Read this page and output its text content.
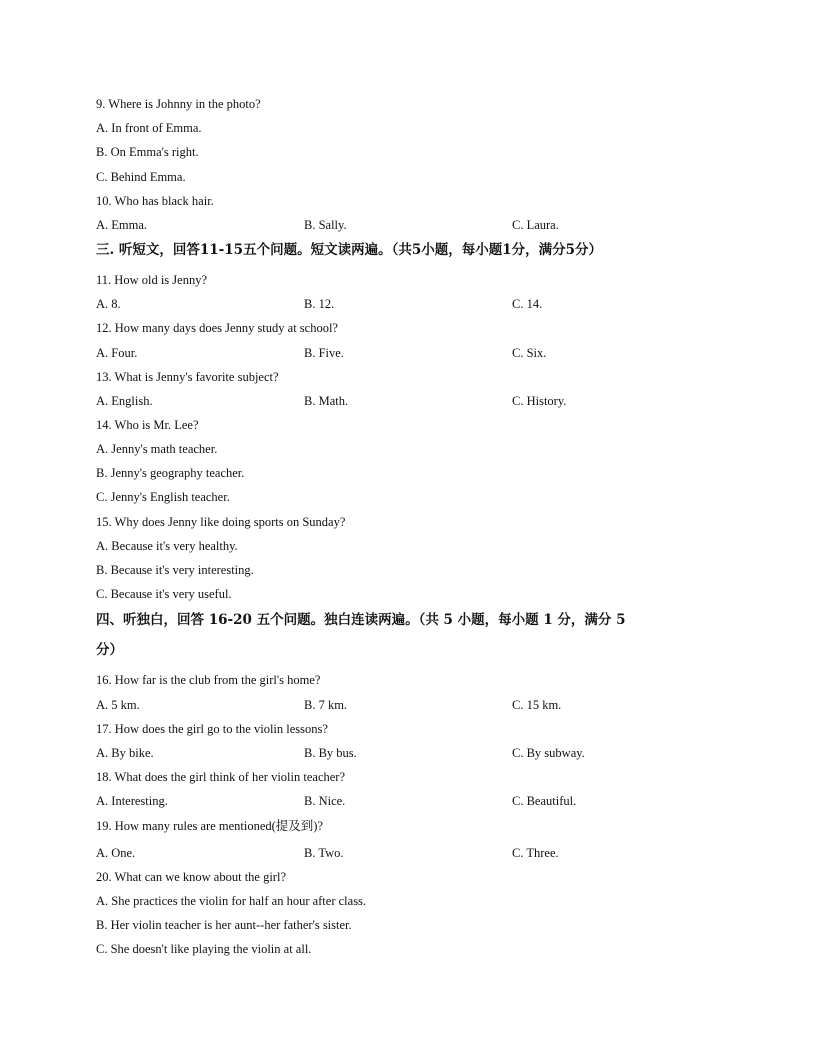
9. Where is Johnny in the photo?
A. In front of Emma.
B. On Emma's right.
C. Behind Emma.
10. Who has black hair.
A. Emma.	B. Sally.	C. Laura.
三. 听短文，回答11-15五个问题。短文读两遍。（共5小题，每小题1分，满分5分）
11. How old is Jenny?
A. 8.	B. 12.	C. 14.
12. How many days does Jenny study at school?
A. Four.	B. Five.	C. Six.
13. What is Jenny's favorite subject?
A. English.	B. Math.	C. History.
14. Who is Mr. Lee?
A. Jenny's math teacher.
B. Jenny's geography teacher.
C. Jenny's English teacher.
15. Why does Jenny like doing sports on Sunday?
A. Because it's very healthy.
B. Because it's very interesting.
C. Because it's very useful.
四、听独白，回答 16-20 五个问题。独白连读两遍。（共 5 小题，每小题 1 分，满分 5
分）
16. How far is the club from the girl's home?
A. 5 km.	B. 7 km.	C. 15 km.
17. How does the girl go to the violin lessons?
A. By bike.	B. By bus.	C. By subway.
18. What does the girl think of her violin teacher?
A. Interesting.	B. Nice.	C. Beautiful.
19. How many rules are mentioned(提及到)?
A. One.	B. Two.	C. Three.
20. What can we know about the girl?
A. She practices the violin for half an hour after class.
B. Her violin teacher is her aunt--her father's sister.
C. She doesn't like playing the violin at all.
